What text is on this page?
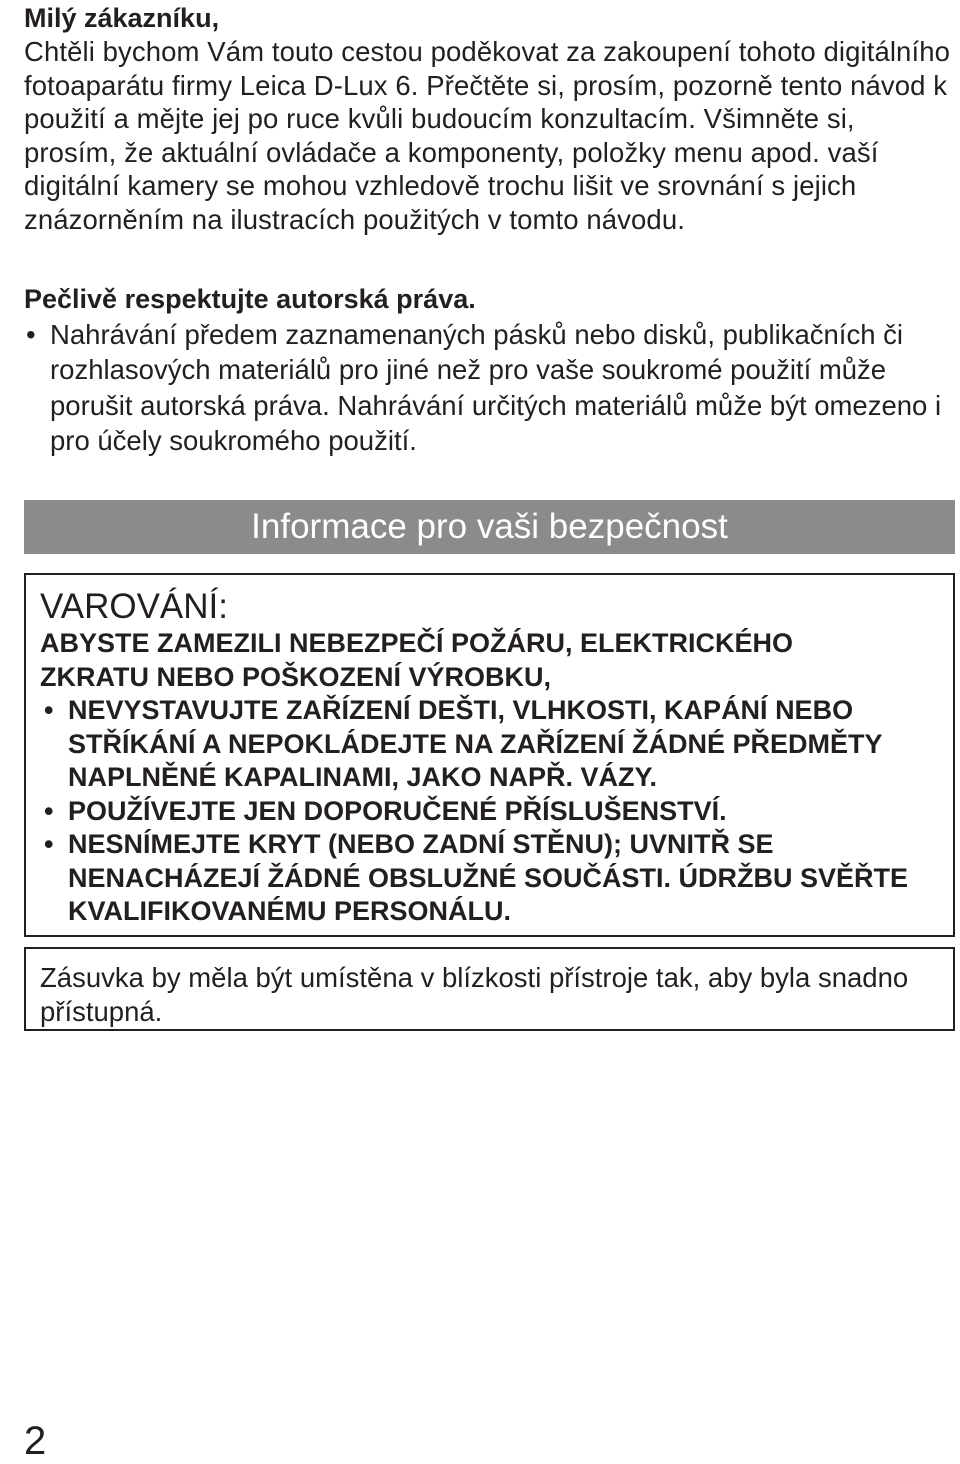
Milý zákazníku,
Chtěli bychom Vám touto cestou poděkovat za zakoupení tohoto digitálního fotoaparátu firmy Leica D-Lux 6. Přečtěte si, prosím, pozorně tento návod k použití a mějte jej po ruce kvůli budoucím konzultacím. Všimněte si, prosím, že aktuální ovládače a komponenty, položky menu apod. vaší digitální kamery se mohou vzhledově trochu lišit ve srovnání s jejich znázorněním na ilustracích použitých v tomto návodu.
Pečlivě respektujte autorská práva.
• Nahrávání předem zaznamenaných pásků nebo disků, publikačních či rozhlasových materiálů pro jiné než pro vaše soukromé použití může porušit autorská práva. Nahrávání určitých materiálů může být omezeno i pro účely soukromého použití.
Informace pro vaši bezpečnost
VAROVÁNÍ:
ABYSTE ZAMEZILI NEBEZPEČÍ POŽÁRU, ELEKTRICKÉHO
ZKRATU NEBO POŠKOZENÍ VÝROBKU,
• NEVYSTAVUJTE ZAŘÍZENÍ DEŠTI, VLHKOSTI, KAPÁNÍ NEBO STŘÍKÁNÍ A NEPOKLÁDEJTE NA ZAŘÍZENÍ ŽÁDNÉ PŘEDMĚTY NAPLNĚNÉ KAPALINAMI, JAKO NAPŘ. VÁZY.
• POUŽÍVEJTE JEN DOPORUČENÉ PŘÍSLUŠENSTVÍ.
• NESNÍMEJTE KRYT (NEBO ZADNÍ STĚNU); UVNITŘ SE NENACHÁZEJÍ ŽÁDNÉ OBSLUŽNÉ SOUČÁSTI. ÚDRŽBU SVĚŘTE KVALIFIKOVANÉMU PERSONÁLU.
Zásuvka by měla být umístěna v blízkosti přístroje tak, aby byla snadno přístupná.
2
